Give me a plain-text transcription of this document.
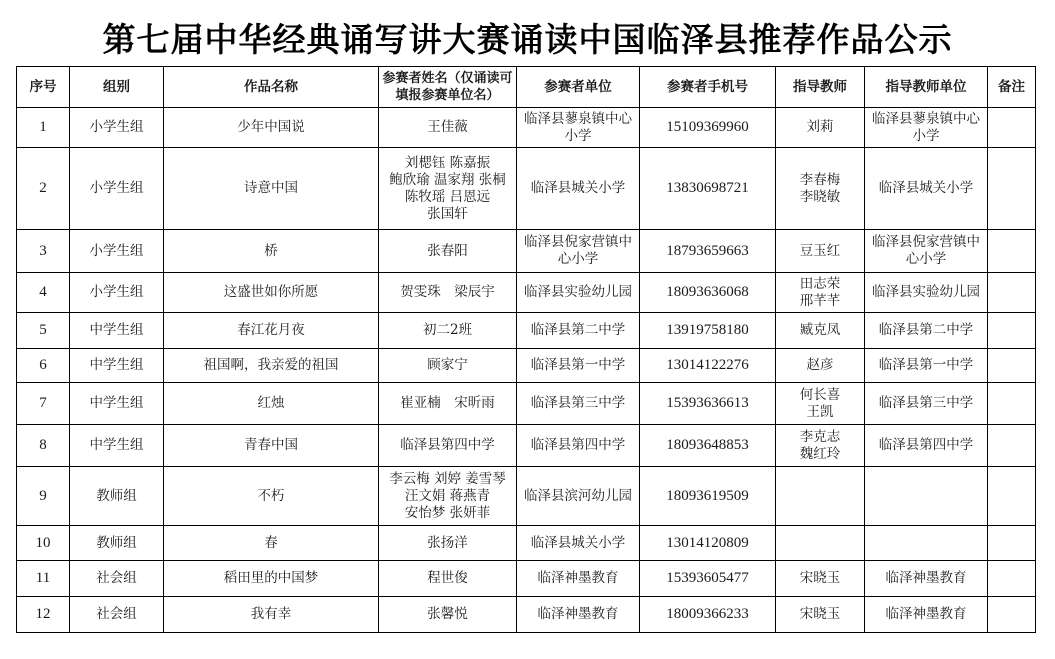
第七届中华经典诵写讲大赛诵读中国临泽县推荐作品公示
序号	组别	作品名称	参赛者姓名（仅诵读可填报参赛单位名）	参赛者单位	参赛者手机号	指导教师	指导教师单位	备注
1	小学生组	少年中国说	王佳薇	临泽县蓼泉镇中心小学	15109369960	刘莉	临泽县蓼泉镇中心小学	
2	小学生组	诗意中国	刘楒钰 陈嘉振
鲍欣瑜 温家翔 张桐
陈牧瑶 吕恩远
张国轩	临泽县城关小学	13830698721	李春梅
李晓敏	临泽县城关小学	
3	小学生组	桥	张春阳	临泽县倪家营镇中心小学	18793659663	豆玉红	临泽县倪家营镇中心小学	
4	小学生组	这盛世如你所愿	贺雯珠　梁辰宇	临泽县实验幼儿园	18093636068	田志荣
邢芊芊	临泽县实验幼儿园	
5	中学生组	春江花月夜	初二2班	临泽县第二中学	13919758180	臧克凤	临泽县第二中学	
6	中学生组	祖国啊，我亲爱的祖国	顾家宁	临泽县第一中学	13014122276	赵彦	临泽县第一中学	
7	中学生组	红烛	崔亚楠　宋昕雨	临泽县第三中学	15393636613	何长喜
王凯	临泽县第三中学	
8	中学生组	青春中国	临泽县第四中学	临泽县第四中学	18093648853	李克志
魏红玲	临泽县第四中学	
9	教师组	不朽	李云梅 刘婷 姜雪琴
汪文娟 蒋燕青
安怡梦 张妍菲	临泽县滨河幼儿园	18093619509			
10	教师组	春	张扬洋	临泽县城关小学	13014120809			
11	社会组	稻田里的中国梦	程世俊	临泽神墨教育	15393605477	宋晓玉	临泽神墨教育	
12	社会组	我有幸	张馨悦	临泽神墨教育	18009366233	宋晓玉	临泽神墨教育	
